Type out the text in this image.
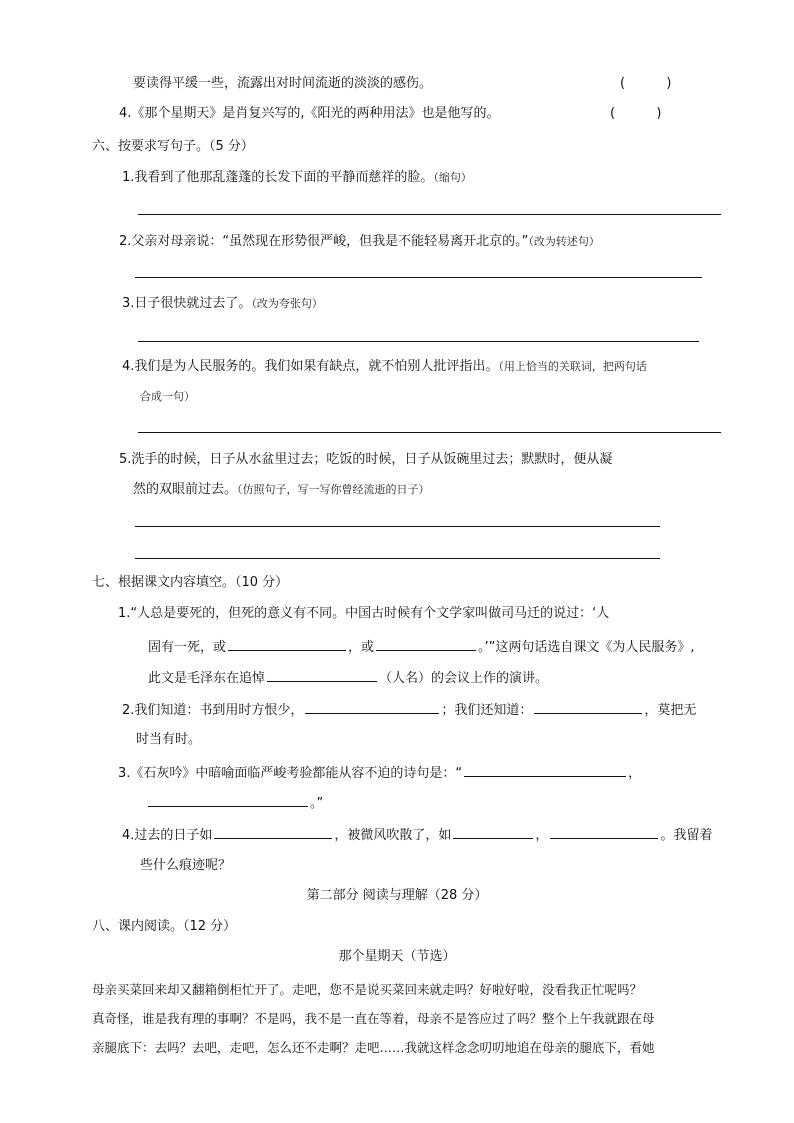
要读得平缓一些，流露出对时间流逝的淡淡的感伤。	(          )
4.《那个星期天》是肖复兴写的,《阳光的两种用法》也是他写的。	(          )
六、按要求写句子。（5 分）
1.我看到了他那乱蓬蓬的长发下面的平静而慈祥的脸。（缩句）
2.父亲对母亲说：“虽然现在形势很严峻，但我是不能轻易离开北京的。”（改为转述句）
3.日子很快就过去了。（改为夸张句）
4.我们是为人民服务的。我们如果有缺点，就不怕别人批评指出。（用上恰当的关联词，把两句话
合成一句）
5.洗手的时候，日子从水盆里过去；吃饭的时候，日子从饭碗里过去；默默时，便从凝
然的双眼前过去。（仿照句子，写一写你曾经流逝的日子）
七、根据课文内容填空。（10 分）
1.“人总是要死的，但死的意义有不同。中国古时候有个文学家叫做司马迁的说过：‘人
固有一死，或	，或	。’”这两句话选自课文《为人民服务》,
此文是毛泽东在追悼	（人名）的会议上作的演讲。
2.我们知道：书到用时方恨少，	；我们还知道：	，莫把无
时当有时。
3.《石灰吟》中暗喻面临严峻考验都能从容不迫的诗句是：“	，
。”
4.过去的日子如	，被微风吹散了，如	，	。我留着
些什么痕迹呢？
第二部分 阅读与理解（28 分）
八、课内阅读。（12 分）
那个星期天（节选）
母亲买菜回来却又翻箱倒柜忙开了。走吧，您不是说买菜回来就走吗？好啦好啦，没看我正忙呢吗？
真奇怪，谁是我有理的事啊？不是吗，我不是一直在等着，母亲不是答应过了吗？整个上午我就跟在母
亲腿底下：去吗？去吧，走吧，怎么还不走啊？走吧……我就这样念念叨叨地追在母亲的腿底下，看她
